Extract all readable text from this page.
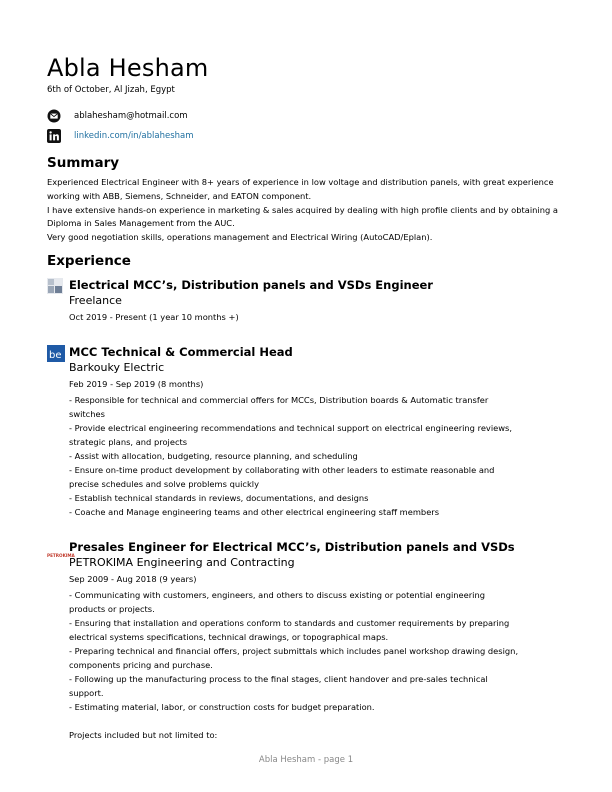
Abla Hesham
6th of October, Al Jizah, Egypt
ablahesham@hotmail.com
linkedin.com/in/ablahesham
Summary

Experienced Electrical Engineer with 8+ years of experience in low voltage and distribution panels, with great experience working with ABB, Siemens, Schneider, and EATON component.

I have extensive hands-on experience in marketing & sales acquired by dealing with high profile clients and by obtaining a Diploma in Sales Management from the AUC.

Very good negotiation skills, operations management and Electrical Wiring (AutoCAD/Eplan).

Experience
Electrical MCC’s, Distribution panels and VSDs Engineer
Freelance
Oct 2019 - Present (1 year 10 months +)
be MCC Technical & Commercial Head
Barkouky Electric
Feb 2019 - Sep 2019 (8 months)
- Responsible for technical and commercial offers for MCCs, Distribution boards & Automatic transfer switches
- Provide electrical engineering recommendations and technical support on electrical engineering reviews, strategic plans, and projects
- Assist with allocation, budgeting, resource planning, and scheduling
- Ensure on-time product development by collaborating with other leaders to estimate reasonable and precise schedules and solve problems quickly
- Establish technical standards in reviews, documentations, and designs
- Coache and Manage engineering teams and other electrical engineering staff members
PETROKIMA
Presales Engineer for Electrical MCC’s, Distribution panels and VSDs
PETROKIMA Engineering and Contracting
Sep 2009 - Aug 2018 (9 years)
- Communicating with customers, engineers, and others to discuss existing or potential engineering products or projects.
- Ensuring that installation and operations conform to standards and customer requirements by preparing electrical systems specifications, technical drawings, or topographical maps.
- Preparing technical and financial offers, project submittals which includes panel workshop drawing design, components pricing and purchase.
- Following up the manufacturing process to the final stages, client handover and pre-sales technical support.
- Estimating material, labor, or construction costs for budget preparation.
Projects included but not limited to:
Abla Hesham - page 1
